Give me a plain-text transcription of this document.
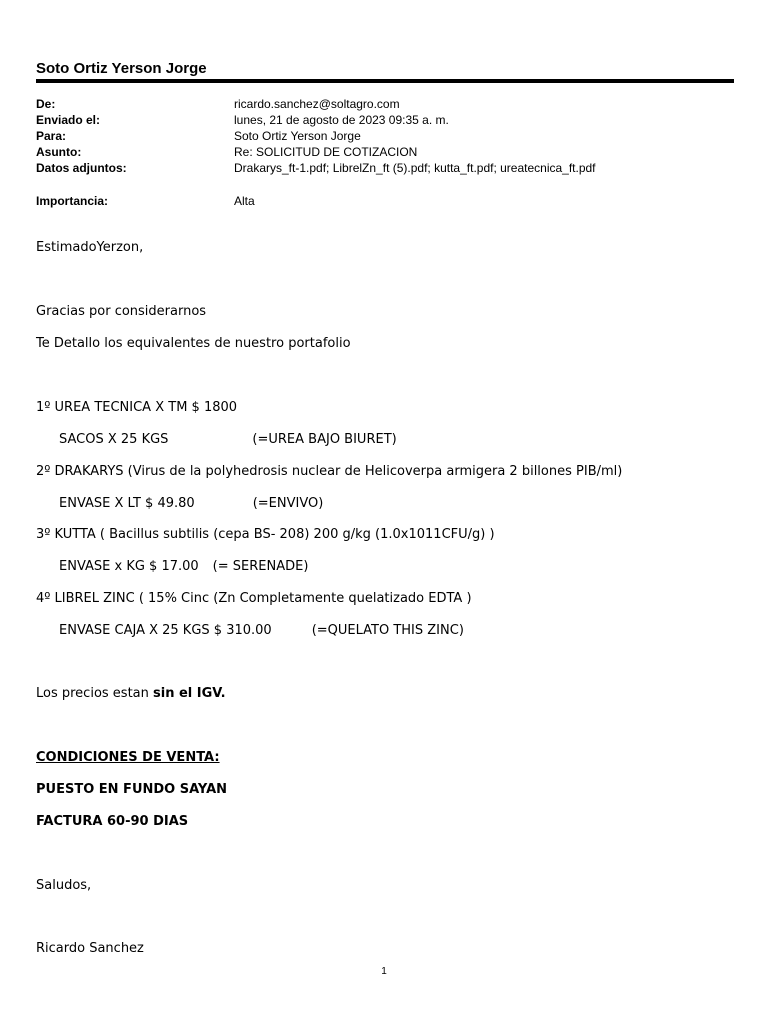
Soto Ortiz Yerson Jorge
De:	ricardo.sanchez@soltagro.com
Enviado el:	lunes, 21 de agosto de 2023 09:35 a. m.
Para:	Soto Ortiz Yerson Jorge
Asunto:	Re: SOLICITUD DE COTIZACION
Datos adjuntos:	Drakarys_ft-1.pdf; LibrelZn_ft (5).pdf; kutta_ft.pdf; ureatecnica_ft.pdf
Importancia:	Alta

EstimadoYerzon,

Gracias por considerarnos

Te Detallo los equivalentes de nuestro portafolio

1º UREA TECNICA X TM $ 1800

SACOS X 25 KGS	(=UREA BAJO BIURET)

2º DRAKARYS (Virus de la polyhedrosis nuclear de Helicoverpa armigera 2 billones PIB/ml)

ENVASE X LT $ 49.80	(=ENVIVO)

3º KUTTA ( Bacillus subtilis (cepa BS- 208) 200 g/kg (1.0x1011CFU/g) )

ENVASE x KG $ 17.00 (= SERENADE)

4º LIBREL ZINC ( 15% Cinc (Zn Completamente quelatizado EDTA )

ENVASE CAJA X 25 KGS $ 310.00	(=QUELATO THIS ZINC)

Los precios estan sin el IGV.

CONDICIONES DE VENTA:

PUESTO EN FUNDO SAYAN

FACTURA 60-90 DIAS

Saludos,

Ricardo Sanchez

1
